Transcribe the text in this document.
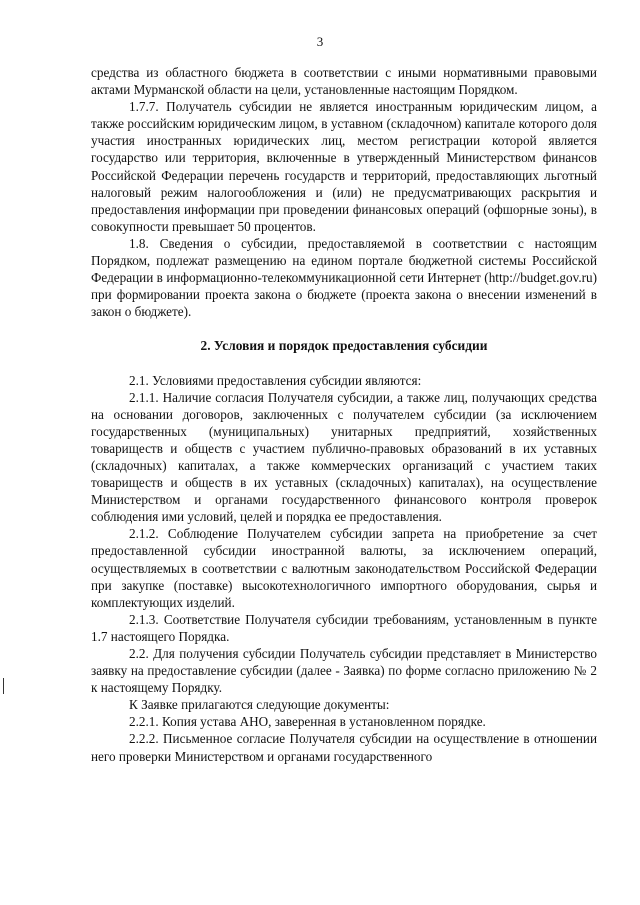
3

средства из областного бюджета в соответствии с иными нормативными правовыми актами Мурманской области на цели, установленные настоящим Порядком.

1.7.7. Получатель субсидии не является иностранным юридическим лицом, а также российским юридическим лицом, в уставном (складочном) капитале которого доля участия иностранных юридических лиц, местом регистрации которой является государство или территория, включенные в утвержденный Министерством финансов Российской Федерации перечень государств и территорий, предоставляющих льготный налоговый режим налогообложения и (или) не предусматривающих раскрытия и предоставления информации при проведении финансовых операций (офшорные зоны), в совокупности превышает 50 процентов.

1.8. Сведения о субсидии, предоставляемой в соответствии с настоящим Порядком, подлежат размещению на едином портале бюджетной системы Российской Федерации в информационно-телекоммуникационной сети Интернет (http://budget.gov.ru) при формировании проекта закона о бюджете (проекта закона о внесении изменений в закон о бюджете).

2. Условия и порядок предоставления субсидии

2.1. Условиями предоставления субсидии являются:

2.1.1. Наличие согласия Получателя субсидии, а также лиц, получающих средства на основании договоров, заключенных с получателем субсидии (за исключением государственных (муниципальных) унитарных предприятий, хозяйственных товариществ и обществ с участием публично-правовых образований в их уставных (складочных) капиталах, а также коммерческих организаций с участием таких товариществ и обществ в их уставных (складочных) капиталах), на осуществление Министерством и органами государственного финансового контроля проверок соблюдения ими условий, целей и порядка ее предоставления.

2.1.2. Соблюдение Получателем субсидии запрета на приобретение за счет предоставленной субсидии иностранной валюты, за исключением операций, осуществляемых в соответствии с валютным законодательством Российской Федерации при закупке (поставке) высокотехнологичного импортного оборудования, сырья и комплектующих изделий.

2.1.3. Соответствие Получателя субсидии требованиям, установленным в пункте 1.7 настоящего Порядка.

2.2. Для получения субсидии Получатель субсидии представляет в Министерство заявку на предоставление субсидии (далее - Заявка) по форме согласно приложению № 2 к настоящему Порядку.

К Заявке прилагаются следующие документы:

2.2.1. Копия устава АНО, заверенная в установленном порядке.

2.2.2. Письменное согласие Получателя субсидии на осуществление в отношении него проверки Министерством и органами государственного
